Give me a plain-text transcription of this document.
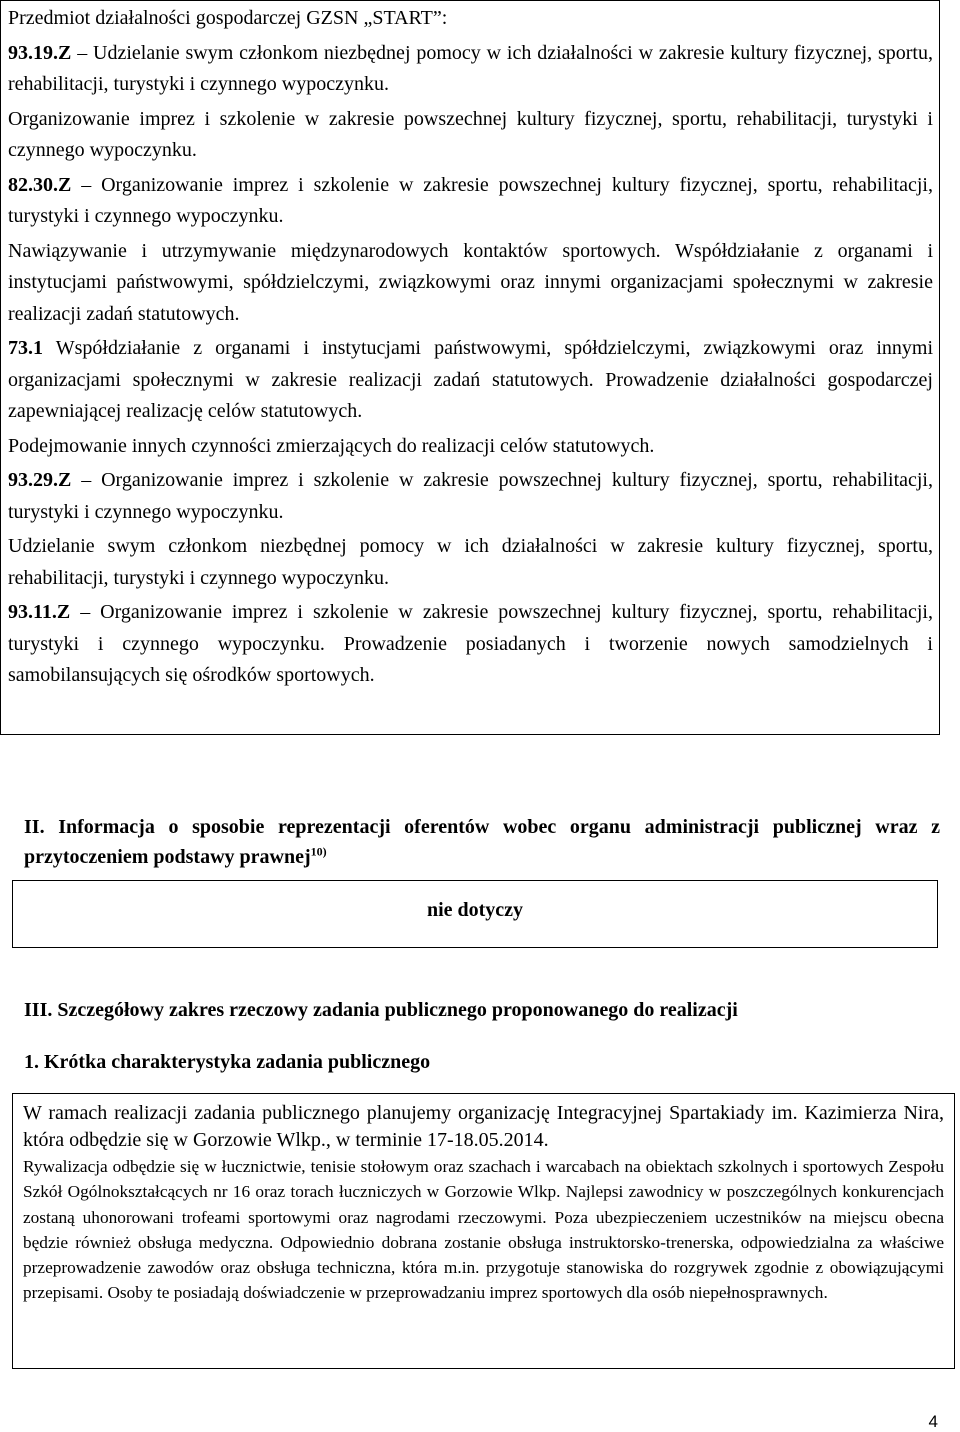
Przedmiot działalności gospodarczej GZSN „START”:

93.19.Z – Udzielanie swym członkom niezbędnej pomocy w ich działalności w zakresie kultury fizycznej, sportu, rehabilitacji, turystyki i czynnego wypoczynku.

Organizowanie imprez i szkolenie w zakresie powszechnej kultury fizycznej, sportu, rehabilitacji, turystyki i czynnego wypoczynku.

82.30.Z – Organizowanie imprez i szkolenie w zakresie powszechnej kultury fizycznej, sportu, rehabilitacji, turystyki i czynnego wypoczynku.

Nawiązywanie i utrzymywanie międzynarodowych kontaktów sportowych. Współdziałanie z organami i instytucjami państwowymi, spółdzielczymi, związkowymi oraz innymi organizacjami społecznymi w zakresie realizacji zadań statutowych.

73.1 Współdziałanie z organami i instytucjami państwowymi, spółdzielczymi, związkowymi oraz innymi organizacjami społecznymi w zakresie realizacji zadań statutowych. Prowadzenie działalności gospodarczej zapewniającej realizację celów statutowych.

Podejmowanie innych czynności zmierzających do realizacji celów statutowych.

93.29.Z – Organizowanie imprez i szkolenie w zakresie powszechnej kultury fizycznej, sportu, rehabilitacji, turystyki i czynnego wypoczynku.

Udzielanie swym członkom niezbędnej pomocy w ich działalności w zakresie kultury fizycznej, sportu, rehabilitacji, turystyki i czynnego wypoczynku.

93.11.Z – Organizowanie imprez i szkolenie w zakresie powszechnej kultury fizycznej, sportu, rehabilitacji, turystyki i czynnego wypoczynku. Prowadzenie posiadanych i tworzenie nowych samodzielnych i samobilansujących się ośrodków sportowych.

II. Informacja o sposobie reprezentacji oferentów wobec organu administracji publicznej wraz z przytoczeniem podstawy prawnej$^{10)}$

nie dotyczy

III. Szczegółowy zakres rzeczowy zadania publicznego proponowanego do realizacji

1. Krótka charakterystyka zadania publicznego

W ramach realizacji zadania publicznego planujemy organizację Integracyjnej Spartakiady im. Kazimierza Nira, która odbędzie się w Gorzowie Wlkp., w terminie 17-18.05.2014.

Rywalizacja odbędzie się w łucznictwie, tenisie stołowym oraz szachach i warcabach na obiektach szkolnych i sportowych Zespołu Szkół Ogólnokształcących nr 16 oraz torach łuczniczych w Gorzowie Wlkp. Najlepsi zawodnicy w poszczególnych konkurencjach zostaną uhonorowani trofeami sportowymi oraz nagrodami rzeczowymi. Poza ubezpieczeniem uczestników na miejscu obecna będzie również obsługa medyczna. Odpowiednio dobrana zostanie obsługa instruktorsko-trenerska, odpowiedzialna za właściwe przeprowadzenie zawodów oraz obsługa techniczna, która m.in. przygotuje stanowiska do rozgrywek zgodnie z obowiązującymi przepisami. Osoby te posiadają doświadczenie w przeprowadzaniu imprez sportowych dla osób niepełnosprawnych.

4
